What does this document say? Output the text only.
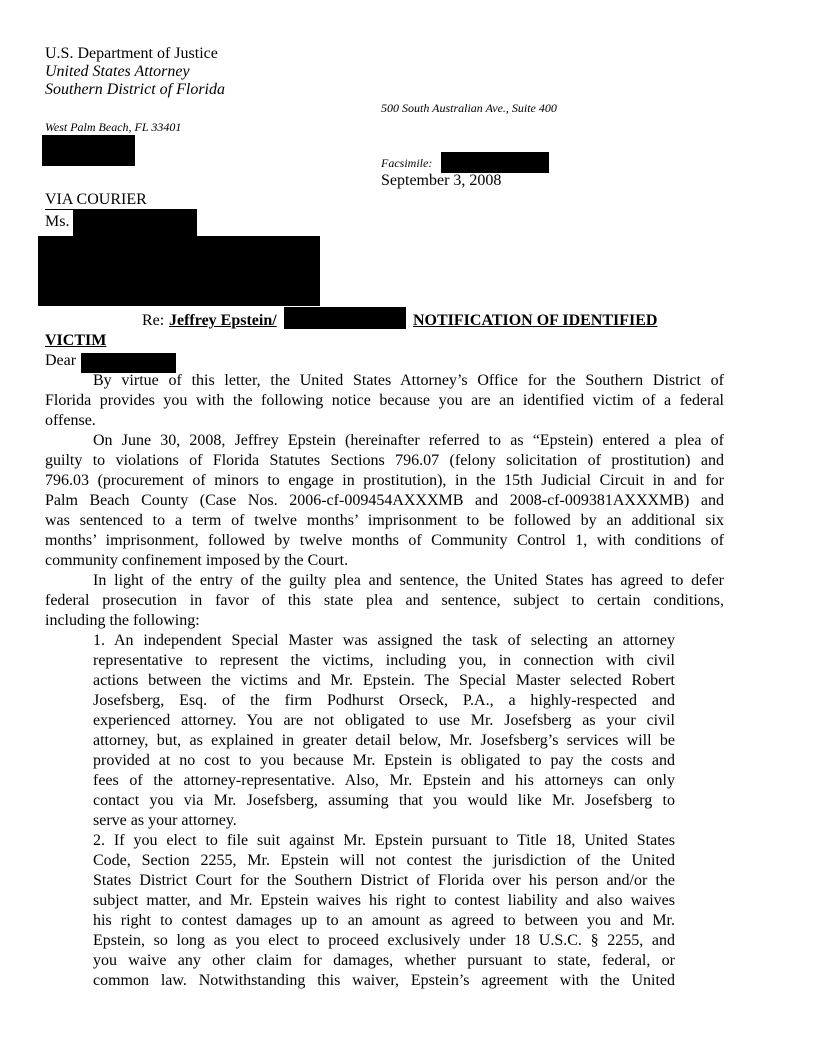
U.S. Department of Justice
United States Attorney
Southern District of Florida
500 South Australian Ave., Suite 400
West Palm Beach, FL 33401
Facsimile:
September 3, 2008
VIA COURIER
Ms.
Re: Jeffrey Epstein/	NOTIFICATION OF IDENTIFIED
VICTIM
Dear
By virtue of this letter, the United States Attorney’s Office for the Southern District of
Florida provides you with the following notice because you are an identified victim of a federal
offense.
On June 30, 2008, Jeffrey Epstein (hereinafter referred to as “Epstein) entered a plea of
guilty to violations of Florida Statutes Sections 796.07 (felony solicitation of prostitution) and
796.03 (procurement of minors to engage in prostitution), in the 15th Judicial Circuit in and for
Palm Beach County (Case Nos. 2006-cf-009454AXXXMB and 2008-cf-009381AXXXMB) and
was sentenced to a term of twelve months’ imprisonment to be followed by an additional six
months’ imprisonment, followed by twelve months of Community Control 1, with conditions of
community confinement imposed by the Court.
In light of the entry of the guilty plea and sentence, the United States has agreed to defer
federal prosecution in favor of this state plea and sentence, subject to certain conditions,
including the following:
1. An independent Special Master was assigned the task of selecting an attorney
representative to represent the victims, including you, in connection with civil
actions between the victims and Mr. Epstein. The Special Master selected Robert
Josefsberg, Esq. of the firm Podhurst Orseck, P.A., a highly-respected and
experienced attorney. You are not obligated to use Mr. Josefsberg as your civil
attorney, but, as explained in greater detail below, Mr. Josefsberg’s services will be
provided at no cost to you because Mr. Epstein is obligated to pay the costs and
fees of the attorney-representative. Also, Mr. Epstein and his attorneys can only
contact you via Mr. Josefsberg, assuming that you would like Mr. Josefsberg to
serve as your attorney.
2. If you elect to file suit against Mr. Epstein pursuant to Title 18, United States
Code, Section 2255, Mr. Epstein will not contest the jurisdiction of the United
States District Court for the Southern District of Florida over his person and/or the
subject matter, and Mr. Epstein waives his right to contest liability and also waives
his right to contest damages up to an amount as agreed to between you and Mr.
Epstein, so long as you elect to proceed exclusively under 18 U.S.C. § 2255, and
you waive any other claim for damages, whether pursuant to state, federal, or
common law. Notwithstanding this waiver, Epstein’s agreement with the United
